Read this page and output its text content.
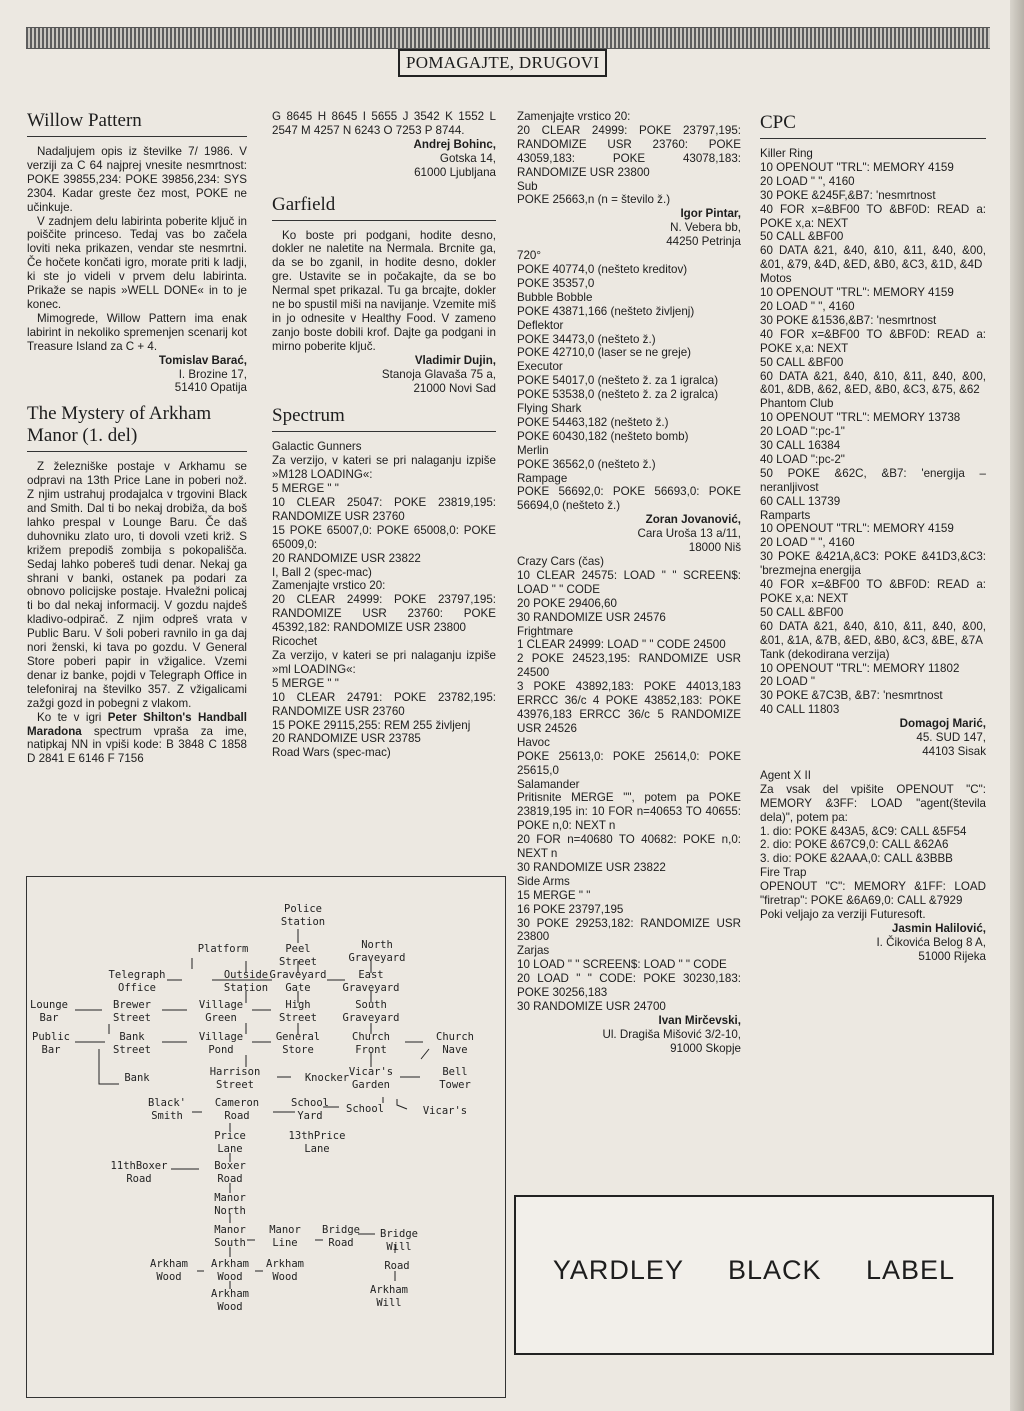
POMAGAJTE, DRUGOVI
Willow Pattern

Nadaljujem opis iz številke 7/ 1986. V verziji za C 64 najprej vnesite nesmrtnost: POKE 39855,234: POKE 39856,234: SYS 2304. Kadar greste čez most, POKE ne učinkuje.

V zadnjem delu labirinta poberite ključ in poiščite princeso. Tedaj vas bo začela loviti neka prikazen, vendar ste nesmrtni. Če hočete končati igro, morate priti k ladji, ki ste jo videli v prvem delu labirinta. Prikaže se napis »WELL DONE« in to je konec.

Mimogrede, Willow Pattern ima enak labirint in nekoliko spremenjen scenarij kot Treasure Island za C + 4.

Tomislav Barać,
I. Brozine 17,
51410 Opatija
The Mystery of Arkham Manor (1. del)

Z železniške postaje v Arkhamu se odpravi na 13th Price Lane in poberi nož. Z njim ustrahuj prodajalca v trgovini Black and Smith. Dal ti bo nekaj drobiža, da boš lahko prespal v Lounge Baru. Če daš duhovniku zlato uro, ti dovoli vzeti križ. S križem prepodiš zombija s pokopališča. Sedaj lahko pobereš tudi denar. Nekaj ga shrani v banki, ostanek pa podari za obnovo policijske postaje. Hvaležni policaj ti bo dal nekaj informacij. V gozdu najdeš kladivo-odpirač. Z njim odpreš vrata v Public Baru. V šoli poberi ravnilo in ga daj nori ženski, ki tava po gozdu. V General Store poberi papir in vžigalice. Vzemi denar iz banke, pojdi v Telegraph Office in telefoniraj na številko 357. Z vžigalicami zažgi gozd in pobegni z vlakom.

Ko te v igri Peter Shilton's Handball Maradona spectrum vpraša za ime, natipkaj NN in vpiši kode: B 3848 C 1858 D 2841 E 6146 F 7156

G 8645 H 8645 I 5655 J 3542 K 1552 L 2547 M 4257 N 6243 O 7253 P 8744.

Andrej Bohinc,
Gotska 14,
61000 Ljubljana
Garfield

Ko boste pri podgani, hodite desno, dokler ne naletite na Nermala. Brcnite ga, da se bo zganil, in hodite desno, dokler gre. Ustavite se in počakajte, da se bo Nermal spet prikazal. Tu ga brcajte, dokler ne bo spustil miši na navijanje. Vzemite miš in jo odnesite v Healthy Food. V zameno zanjo boste dobili krof. Dajte ga podgani in mirno poberite ključ.

Vladimir Dujin,
Stanoja Glavaša 75 a,
21000 Novi Sad
Spectrum

Galactic Gunners

Za verzijo, v kateri se pri nalaganju izpiše »M128 LOADING«:

5 MERGE " "

10 CLEAR 25047: POKE 23819,195: RANDOMIZE USR 23760

15 POKE 65007,0: POKE 65008,0: POKE 65009,0:

20 RANDOMIZE USR 23822

I, Ball 2 (spec-mac)

Zamenjajte vrstico 20:

20 CLEAR 24999: POKE 23797,195: RANDOMIZE USR 23760: POKE 45392,182: RANDOMIZE USR 23800

Ricochet

Za verzijo, v kateri se pri nalaganju izpiše »ml LOADING«:

5 MERGE " "

10 CLEAR 24791: POKE 23782,195: RANDOMIZE USR 23760

15 POKE 29115,255: REM 255 življenj

20 RANDOMIZE USR 23785

Road Wars (spec-mac)

Zamenjajte vrstico 20:

20 CLEAR 24999: POKE 23797,195: RANDOMIZE USR 23760: POKE 43059,183: POKE 43078,183: RANDOMIZE USR 23800

Sub

POKE 25663,n (n = število ž.)

Igor Pintar,
N. Vebera bb,
44250 Petrinja

720°

POKE 40774,0 (nešteto kreditov)

POKE 35357,0

Bubble Bobble

POKE 43871,166 (nešteto življenj)

Deflektor

POKE 34473,0 (nešteto ž.)

POKE 42710,0 (laser se ne greje)

Executor

POKE 54017,0 (nešteto ž. za 1 igralca)

POKE 53538,0 (nešteto ž. za 2 igralca)

Flying Shark

POKE 54463,182 (nešteto ž.)

POKE 60430,182 (nešteto bomb)

Merlin

POKE 36562,0 (nešteto ž.)

Rampage

POKE 56692,0: POKE 56693,0: POKE 56694,0 (nešteto ž.)

Zoran Jovanović,
Cara Uroša 13 a/11,
18000 Niš

Crazy Cars (čas)

10 CLEAR 24575: LOAD " " SCREEN$: LOAD " " CODE

20 POKE 29406,60

30 RANDOMIZE USR 24576

Frightmare

1 CLEAR 24999: LOAD " " CODE 24500

2 POKE 24523,195: RANDOMIZE USR 24500

3 POKE 43892,183: POKE 44013,183 ERRCC 36/c 4 POKE 43852,183: POKE 43976,183 ERRCC 36/c 5 RANDOMIZE USR 24526

Havoc

POKE 25613,0: POKE 25614,0: POKE 25615,0

Salamander

Pritisnite MERGE "", potem pa POKE 23819,195 in: 10 FOR n=40653 TO 40655: POKE n,0: NEXT n

20 FOR n=40680 TO 40682: POKE n,0: NEXT n

30 RANDOMIZE USR 23822

Side Arms

15 MERGE " "

16 POKE 23797,195

30 POKE 29253,182: RANDOMIZE USR 23800

Zarjas

10 LOAD " " SCREEN$: LOAD " " CODE

20 LOAD " " CODE: POKE 30230,183: POKE 30256,183

30 RANDOMIZE USR 24700

Ivan Mirčevski,
Ul. Dragiša Mišović 3/2-10,
91000 Skopje
CPC

Killer Ring

10 OPENOUT "TRL": MEMORY 4159

20 LOAD " ", 4160

30 POKE &245F,&B7: 'nesmrtnost

40 FOR x=&BF00 TO &BF0D: READ a: POKE x,a: NEXT

50 CALL &BF00

60 DATA &21, &40, &10, &11, &40, &00, &01, &79, &4D, &ED, &B0, &C3, &1D, &4D

Motos

10 OPENOUT "TRL": MEMORY 4159

20 LOAD " ", 4160

30 POKE &1536,&B7: 'nesmrtnost

40 FOR x=&BF00 TO &BF0D: READ a: POKE x,a: NEXT

50 CALL &BF00

60 DATA &21, &40, &10, &11, &40, &00, &01, &DB, &62, &ED, &B0, &C3, &75, &62

Phantom Club

10 OPENOUT "TRL": MEMORY 13738

20 LOAD ":pc-1"

30 CALL 16384

40 LOAD ":pc-2"

50 POKE &62C, &B7: 'energija – neranljivost

60 CALL 13739

Ramparts

10 OPENOUT "TRL": MEMORY 4159

20 LOAD " ", 4160

30 POKE &421A,&C3: POKE &41D3,&C3: 'brezmejna energija

40 FOR x=&BF00 TO &BF0D: READ a: POKE x,a: NEXT

50 CALL &BF00

60 DATA &21, &40, &10, &11, &40, &00, &01, &1A, &7B, &ED, &B0, &C3, &BE, &7A

Tank (dekodirana verzija)

10 OPENOUT "TRL": MEMORY 11802

20 LOAD "

30 POKE &7C3B, &B7: 'nesmrtnost

40 CALL 11803

Domagoj Marić,
45. SUD 147,
44103 Sisak

Agent X II

Za vsak del vpišite OPENOUT "C": MEMORY &3FF: LOAD "agent(števila dela)", potem pa:

1. dio: POKE &43A5, &C9: CALL &5F54

2. dio: POKE &67C9,0: CALL &62A6

3. dio: POKE &2AAA,0: CALL &3BBB

Fire Trap

OPENOUT "C": MEMORY &1FF: LOAD "firetrap": POKE &6A69,0: CALL &7929

Poki veljajo za verziji Futuresoft.

Jasmin Halilović,
I. Čikovića Belog 8 A,
51000 Rijeka
Police Station
Platform	Peel Street
North Graveyard
Telegraph Office
Outside Station
Graveyard Gate
East Graveyard
Lounge Bar
Brewer Street
Village Green
High Street
South Graveyard
Public Bar
Bank Street
Village Pond
General Store
Church Front
Church Nave
Bank	Harrison Street
Knocker Vicar's Garden
Bell Tower
Black' Smith
Cameron Road
School Yard
School	Vicar's
Price Lane
13thPrice Lane
11thBoxer Road
Boxer Road
Manor North
Manor South
Manor Line
Bridge Road
Bridge Will
Road
Arkham Wood
Arkham Wood
Arkham Wood
Arkham Wood
Arkham Will
YARDLEY BLACK LABEL
